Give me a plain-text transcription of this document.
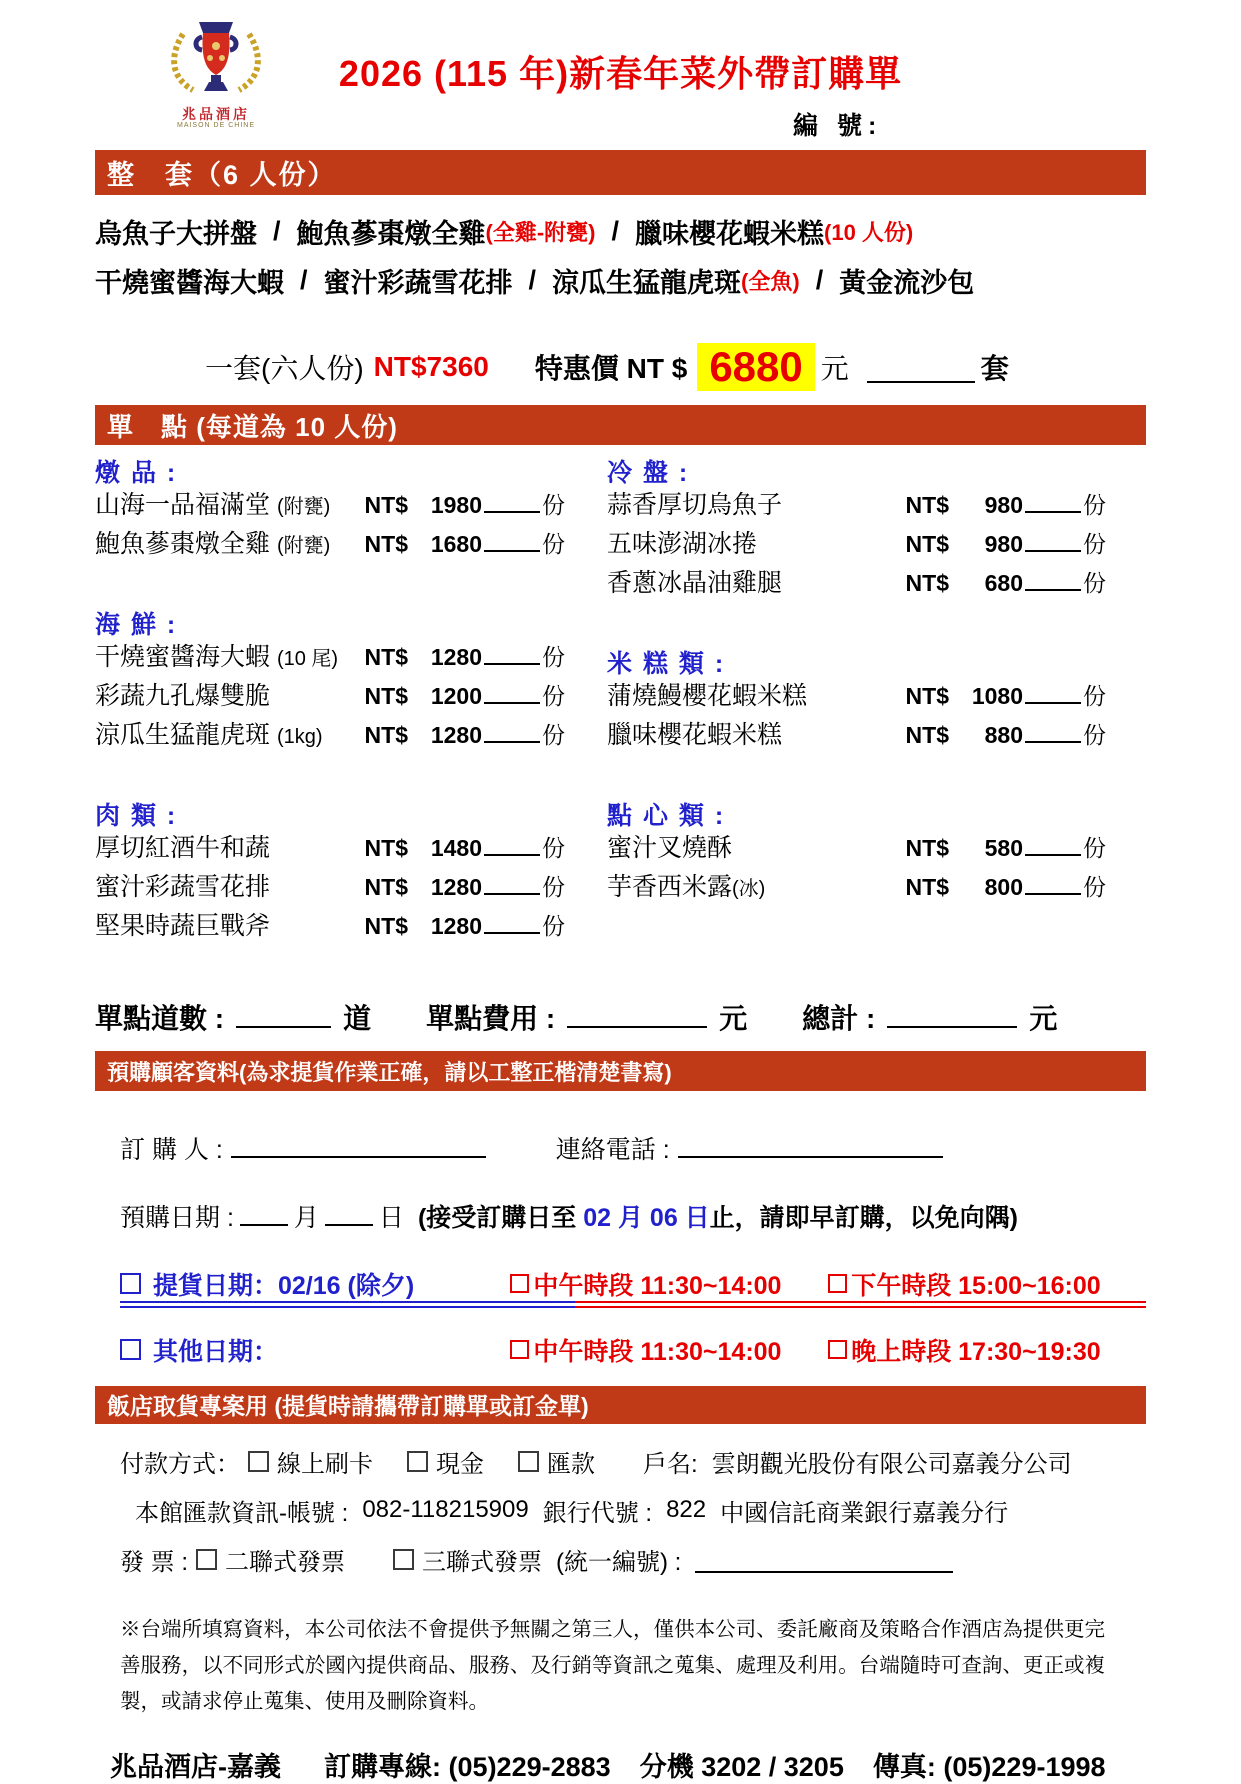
兆品酒店
MAISON DE CHINE
2026 (115 年)新春年菜外帶訂購單
編 號:
整　套（6 人份）
烏魚子大拼盤 / 鮑魚蔘棗燉全雞 (全雞-附甕) / 臘味櫻花蝦米糕 (10 人份)
干燒蜜醬海大蝦 / 蜜汁彩蔬雪花排 / 涼瓜生猛龍虎斑 (全魚) / 黃金流沙包
一套(六人份) NT$7360 特惠價 NT $ 6880 元	套
單　點 (每道為 10 人份)
燉 品 :
山海一品福滿堂 (附甕)	NT$ 1980	份
鮑魚蔘棗燉全雞 (附甕)	NT$ 1680	份
海 鮮 :
干燒蜜醬海大蝦 (10 尾)	NT$ 1280	份
彩蔬九孔爆雙脆	NT$ 1200	份
涼瓜生猛龍虎斑 (1kg)	NT$ 1280	份
肉 類 :
厚切紅酒牛和蔬	NT$ 1480	份
蜜汁彩蔬雪花排	NT$ 1280	份
堅果時蔬巨戰斧	NT$ 1280	份
冷 盤 :
蒜香厚切烏魚子	NT$	980	份
五味澎湖冰捲	NT$	980	份
香蔥冰晶油雞腿	NT$	680	份
米 糕 類 :
蒲燒鰻櫻花蝦米糕	NT$ 1080	份
臘味櫻花蝦米糕	NT$	880	份
點 心 類 :
蜜汁叉燒酥	NT$	580	份
芋香西米露(冰)	NT$	800	份
單點道數 :	道 單點費用 :	元 總計 :	元
預購顧客資料(為求提貨作業正確，請以工整正楷清楚書寫)
訂 購 人 :	連絡電話 :
預購日期 : 月 日 (接受訂購日至 02 月 06 日止，請即早訂購，以免向隅)
提貨日期：02/16 (除夕)	中午時段 11:30~14:00	下午時段 15:00~16:00
其他日期：	中午時段 11:30~14:00	晚上時段 17:30~19:30
飯店取貨專案用 (提貨時請攜帶訂購單或訂金單)
付款方式： 線上刷卡	現金	匯款 戶名: 雲朗觀光股份有限公司嘉義分公司
本館匯款資訊-帳號 : 082-118215909 銀行代號 : 822 中國信託商業銀行嘉義分行
發 票 : 二聯式發票	三聯式發票 (統一編號) :

※台端所填寫資料，本公司依法不會提供予無關之第三人，僅供本公司、委託廠商及策略合作酒店為提供更完善服務，以不同形式於國內提供商品、服務、及行銷等資訊之蒐集、處理及利用。台端隨時可查詢、更正或複製，或請求停止蒐集、使用及刪除資料。

兆品酒店-嘉義 訂購專線: (05)229-2883 分機 3202 / 3205 傳真: (05)229-1998
